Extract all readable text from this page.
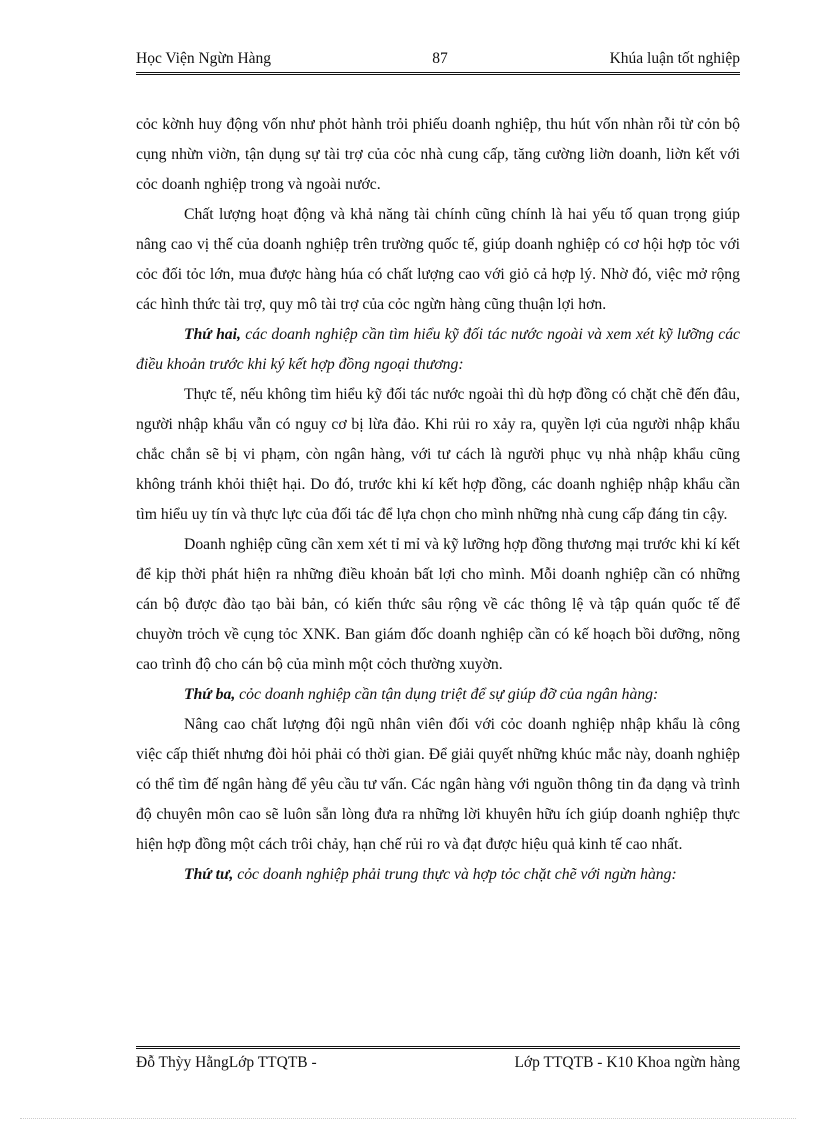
Học Viện Ngừn Hàng	87	Khúa luận tốt nghiệp

cỏc kờnh huy động vốn như phỏt hành trỏi phiếu doanh nghiệp, thu hút vốn nhàn rỗi từ cỏn bộ cụng nhừn viờn, tận dụng sự tài trợ của cỏc nhà cung cấp, tăng cường liờn doanh, liờn kết với cỏc doanh nghiệp trong và ngoài nước.

Chất lượng hoạt động và khả năng tài chính cũng chính là hai yếu tố quan trọng giúp nâng cao vị thế của doanh nghiệp trên trường quốc tế, giúp doanh nghiệp có cơ hội hợp tỏc với cỏc đối tỏc lớn, mua được hàng húa có chất lượng cao với giỏ cả hợp lý. Nhờ đó, việc mở rộng các hình thức tài trợ, quy mô tài trợ của cỏc ngừn hàng cũng thuận lợi hơn.

Thứ hai, các doanh nghiệp cần tìm hiểu kỹ đối tác nước ngoài và xem xét kỹ lưỡng các điều khoản trước khi ký kết hợp đồng ngoại thương:

Thực tế, nếu không tìm hiểu kỹ đối tác nước ngoài thì dù hợp đồng có chặt chẽ đến đâu, người nhập khẩu vẫn có nguy cơ bị lừa đảo. Khi rủi ro xảy ra, quyền lợi của người nhập khẩu chắc chắn sẽ bị vi phạm, còn ngân hàng, với tư cách là người phục vụ nhà nhập khẩu cũng không tránh khỏi thiệt hại. Do đó, trước khi kí kết hợp đồng, các doanh nghiệp nhập khẩu cần tìm hiểu uy tín và thực lực của đối tác để lựa chọn cho mình những nhà cung cấp đáng tin cậy.

Doanh nghiệp cũng cần xem xét tỉ mỉ và kỹ lưỡng hợp đồng thương mại trước khi kí kết để kịp thời phát hiện ra những điều khoản bất lợi cho mình. Mỗi doanh nghiệp cần có những cán bộ được đào tạo bài bản, có kiến thức sâu rộng về các thông lệ và tập quán quốc tế để chuyờn trỏch về cụng tỏc XNK. Ban giám đốc doanh nghiệp cần có kế hoạch bồi dưỡng, nõng cao trình độ cho cán bộ của mình một cỏch thường xuyờn.

Thứ ba, cỏc doanh nghiệp cần tận dụng triệt để sự giúp đỡ của ngân hàng:

Nâng cao chất lượng đội ngũ nhân viên đối với cỏc doanh nghiệp nhập khẩu là công việc cấp thiết nhưng đòi hỏi phải có thời gian. Để giải quyết những khúc mắc này, doanh nghiệp có thể tìm đế ngân hàng để yêu cầu tư vấn. Các ngân hàng với nguồn thông tin đa dạng và trình độ chuyên môn cao sẽ luôn sẵn lòng đưa ra những lời khuyên hữu ích giúp doanh nghiệp thực hiện hợp đồng một cách trôi chảy, hạn chế rủi ro và đạt được hiệu quả kinh tế cao nhất.

Thứ tư, cỏc doanh nghiệp phải trung thực và hợp tỏc chặt chẽ với ngừn hàng:

Đỗ Thỳy HằngLớp TTQTB -	Lớp TTQTB - K10 Khoa ngừn hàng
